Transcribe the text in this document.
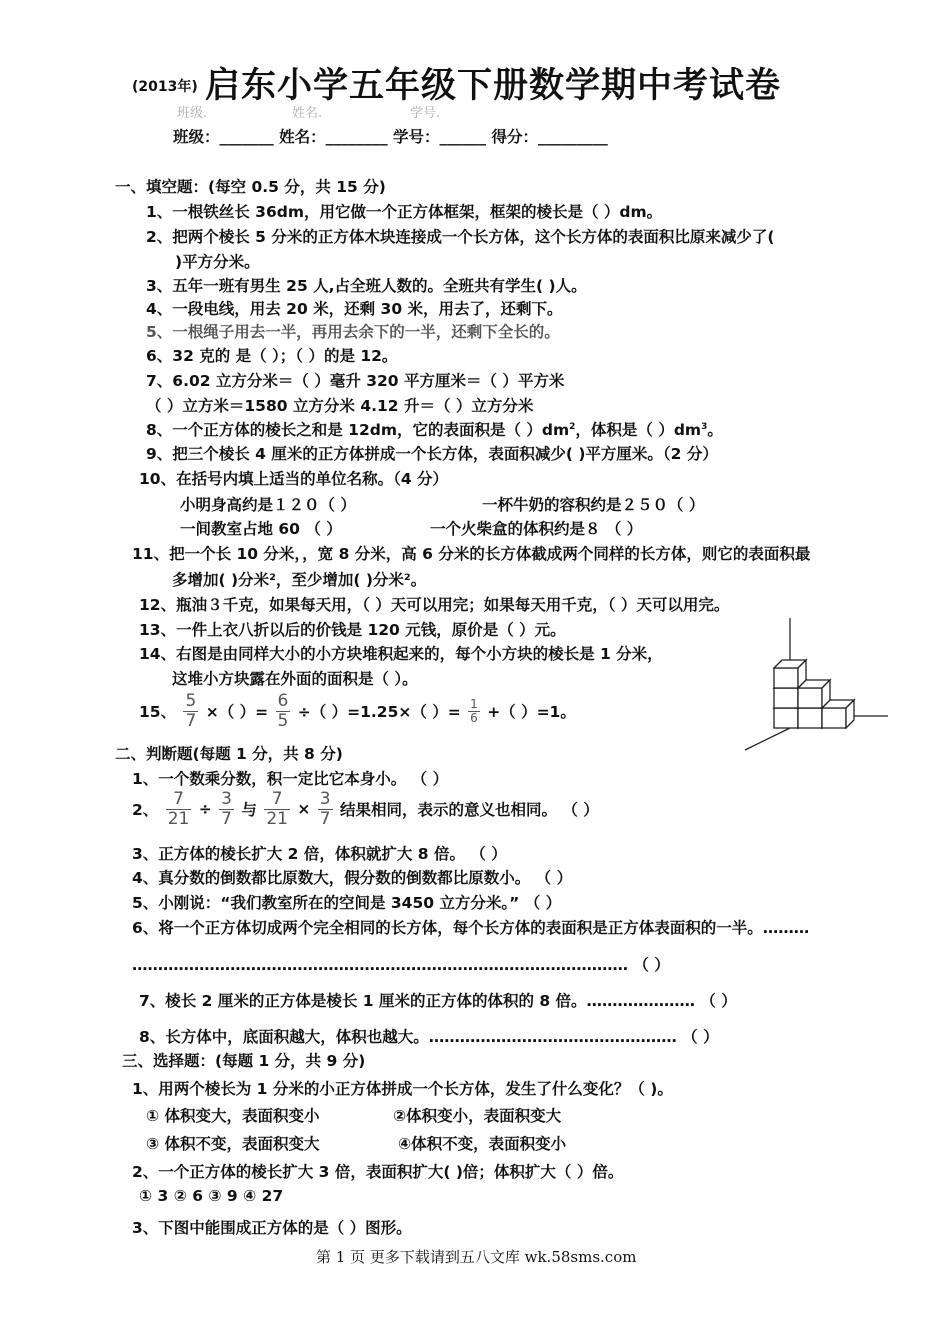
(2013年) 启东小学五年级下册数学期中考试卷
班级.	姓名.	学号.
班级：_______ 姓名：________ 学号：______ 得分：_________
一、填空题：(每空 0.5 分，共 15 分)
1、一根铁丝长 36dm，用它做一个正方体框架，框架的棱长是（ ）dm。
2、把两个棱长 5 分米的正方体木块连接成一个长方体，这个长方体的表面积比原来减少了(
)平方分米。
3、五年一班有男生 25 人,占全班人数的。全班共有学生( )人。
4、一段电线，用去 20 米，还剩 30 米，用去了，还剩下。
5、一根绳子用去一半，再用去余下的一半，还剩下全长的。
6、32 克的 是（ ）；（ ）的是 12。
7、6.02 立方分米＝（ ）毫升 320 平方厘米＝（ ）平方米
（ ）立方米＝1580 立方分米 4.12 升＝（ ）立方分米
8、一个正方体的棱长之和是 12dm，它的表面积是（ ）$dm^2$，体积是（ ）$dm^3$。
9、把三个棱长 4 厘米的正方体拼成一个长方体，表面积减少( )平方厘米。（2 分）
10、在括号内填上适当的单位名称。（4 分）
小明身高约是１２０（ ）	一杯牛奶的容积约是２５０（ ）
一间教室占地 60 （ ）	一个火柴盒的体积约是８ （ ）
11、把一个长 10 分米，，宽 8 分米，高 6 分米的长方体截成两个同样的长方体，则它的表面积最
多增加( )分米²，至少增加( )分米²。
12、瓶油３千克，如果每天用，（ ）天可以用完；如果每天用千克，（ ）天可以用完。
13、一件上衣八折以后的价钱是 120 元钱，原价是（ ）元。
14、右图是由同样大小的小方块堆积起来的，每个小方块的棱长是 1 分米，
这堆小方块露在外面的面积是（ ）。
15、 $\frac{5}{7}$ ×（ ）= $\frac{6}{5}$ ÷（ ）=1.25×（ ）= $\frac{1}{6}$ +（ ）=1。
二、判断题(每题 1 分，共 8 分)
1、一个数乘分数，积一定比它本身小。 （ ）
2、 $\frac{7}{21} \div \frac{3}{7}$ 与 $\frac{7}{21} \times \frac{3}{7}$ 结果相同，表示的意义也相同。 （ ）
3、正方体的棱长扩大 2 倍，体积就扩大 8 倍。 （ ）
4、真分数的倒数都比原数大，假分数的倒数都比原数小。 （ ）
5、小刚说：“我们教室所在的空间是 3450 立方分米。” （ ）
6、将一个正方体切成两个完全相同的长方体，每个长方体的表面积是正方体表面积的一半。………
…………………………………………………………………………………… （ ）
7、棱长 2 厘米的正方体是棱长 1 厘米的正方体的体积的 8 倍。………………… （ ）
8、长方体中，底面积越大，体积也越大。………………………………………… （ ）
三、选择题：(每题 1 分，共 9 分)
1、用两个棱长为 1 分米的小正方体拼成一个长方体，发生了什么变化？（ )。
① 体积变大，表面积变小	②体积变小，表面积变大
③ 体积不变，表面积变大	④体积不变，表面积变小
2、一个正方体的棱长扩大 3 倍，表面积扩大( )倍；体积扩大（ ）倍。
① 3 ② 6 ③ 9 ④ 27
3、下图中能围成正方体的是（ ）图形。
第 1 页 更多下载请到五八文库 wk.58sms.com
